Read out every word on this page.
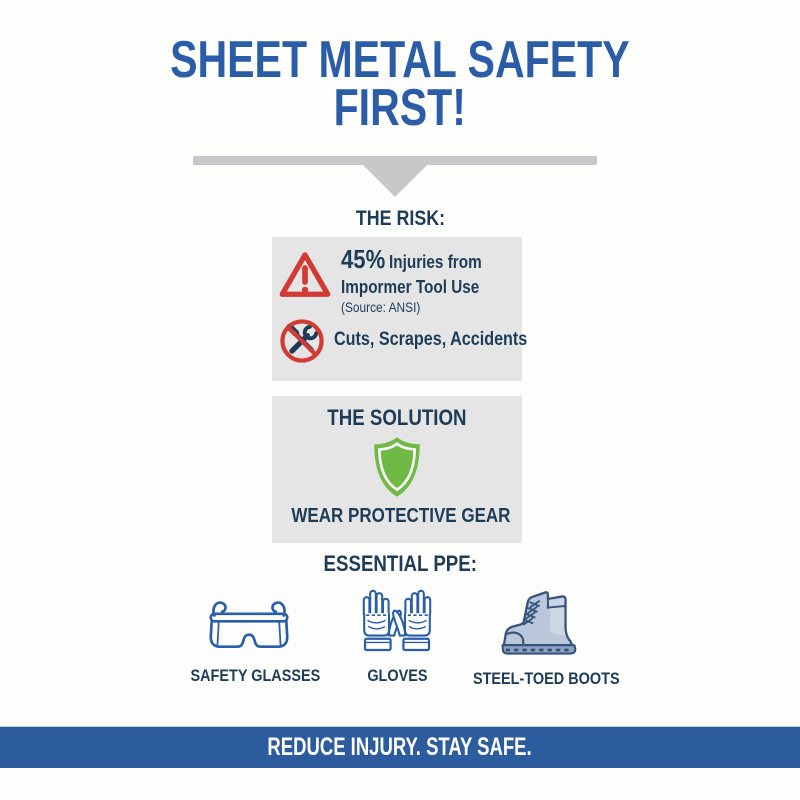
SHEET METAL SAFETY
FIRST!
THE RISK:
45% Injuries from
Impormer Tool Use
(Source: ANSI)
Cuts, Scrapes, Accidents
THE SOLUTION
WEAR PROTECTIVE GEAR
ESSENTIAL PPE:
SAFETY GLASSES	GLOVES	STEEL-TOED BOOTS
REDUCE INJURY. STAY SAFE.
